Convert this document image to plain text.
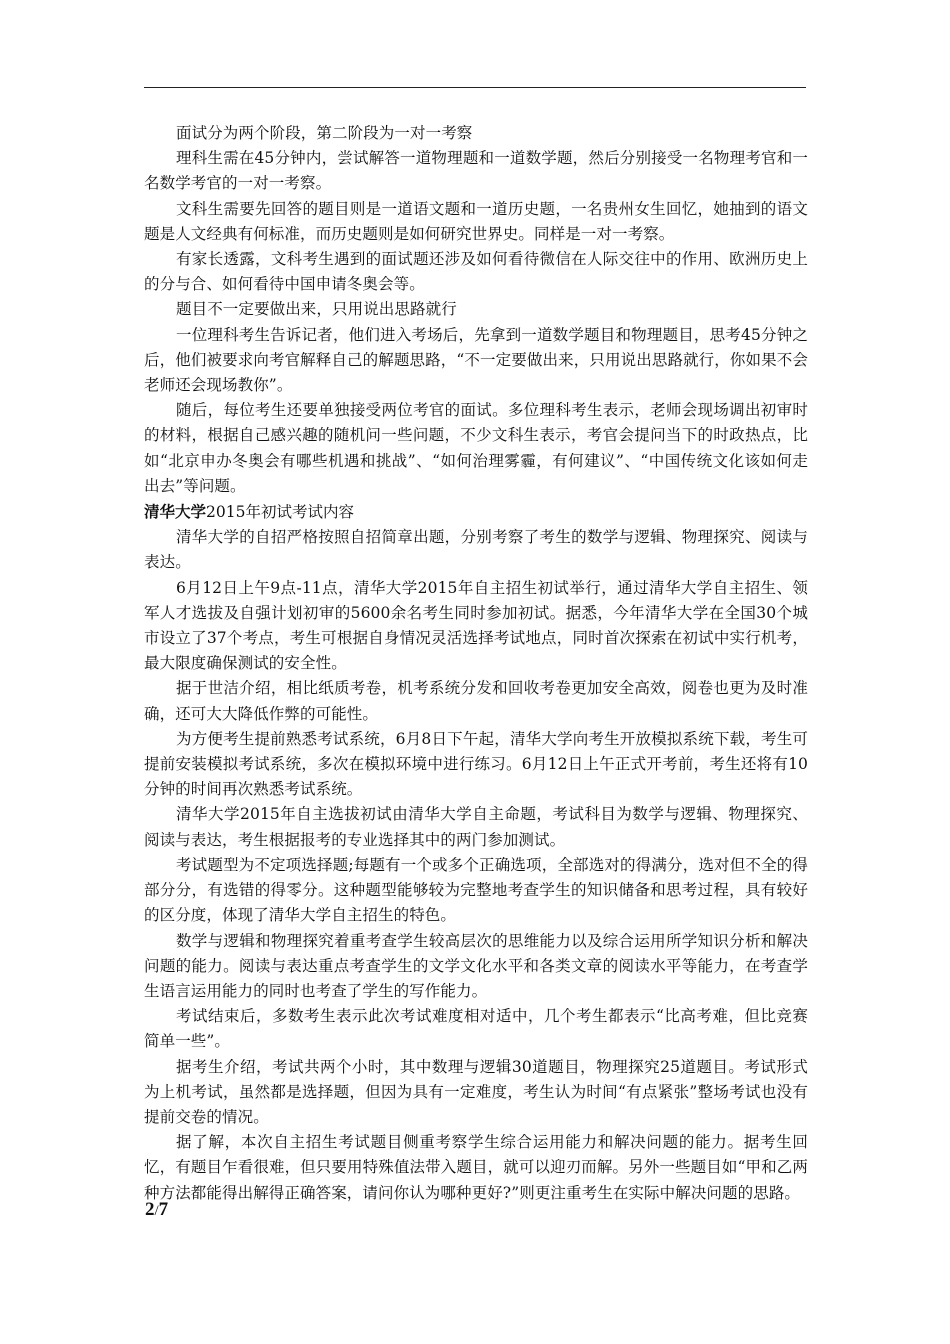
面试分为两个阶段，第二阶段为一对一考察

理科生需在45分钟内，尝试解答一道物理题和一道数学题，然后分别接受一名物理考官和一名数学考官的一对一考察。

文科生需要先回答的题目则是一道语文题和一道历史题，一名贵州女生回忆，她抽到的语文题是人文经典有何标准，而历史题则是如何研究世界史。同样是一对一考察。

有家长透露，文科考生遇到的面试题还涉及如何看待微信在人际交往中的作用、欧洲历史上的分与合、如何看待中国申请冬奥会等。

题目不一定要做出来，只用说出思路就行

一位理科考生告诉记者，他们进入考场后，先拿到一道数学题目和物理题目，思考45分钟之后，他们被要求向考官解释自己的解题思路，“不一定要做出来，只用说出思路就行，你如果不会老师还会现场教你”。

随后，每位考生还要单独接受两位考官的面试。多位理科考生表示，老师会现场调出初审时的材料，根据自己感兴趣的随机问一些问题，不少文科生表示，考官会提问当下的时政热点，比如“北京申办冬奥会有哪些机遇和挑战”、“如何治理雾霾，有何建议”、“中国传统文化该如何走出去”等问题。

清华大学2015年初试考试内容

清华大学的自招严格按照自招简章出题，分别考察了考生的数学与逻辑、物理探究、阅读与表达。

6月12日上午9点-11点，清华大学2015年自主招生初试举行，通过清华大学自主招生、领军人才选拔及自强计划初审的5600余名考生同时参加初试。据悉，今年清华大学在全国30个城市设立了37个考点，考生可根据自身情况灵活选择考试地点，同时首次探索在初试中实行机考，最大限度确保测试的安全性。

据于世洁介绍，相比纸质考卷，机考系统分发和回收考卷更加安全高效，阅卷也更为及时准确，还可大大降低作弊的可能性。

为方便考生提前熟悉考试系统，6月8日下午起，清华大学向考生开放模拟系统下载，考生可提前安装模拟考试系统，多次在模拟环境中进行练习。6月12日上午正式开考前，考生还将有10分钟的时间再次熟悉考试系统。

清华大学2015年自主选拔初试由清华大学自主命题，考试科目为数学与逻辑、物理探究、阅读与表达，考生根据报考的专业选择其中的两门参加测试。

考试题型为不定项选择题;每题有一个或多个正确选项，全部选对的得满分，选对但不全的得部分分，有选错的得零分。这种题型能够较为完整地考查学生的知识储备和思考过程，具有较好的区分度，体现了清华大学自主招生的特色。

数学与逻辑和物理探究着重考查学生较高层次的思维能力以及综合运用所学知识分析和解决问题的能力。阅读与表达重点考查学生的文学文化水平和各类文章的阅读水平等能力，在考查学生语言运用能力的同时也考查了学生的写作能力。

考试结束后，多数考生表示此次考试难度相对适中，几个考生都表示“比高考难，但比竞赛简单一些”。

据考生介绍，考试共两个小时，其中数理与逻辑30道题目，物理探究25道题目。考试形式为上机考试，虽然都是选择题，但因为具有一定难度，考生认为时间“有点紧张”整场考试也没有提前交卷的情况。

据了解，本次自主招生考试题目侧重考察学生综合运用能力和解决问题的能力。据考生回忆，有题目乍看很难，但只要用特殊值法带入题目，就可以迎刃而解。另外一些题目如“甲和乙两种方法都能得出解得正确答案，请问你认为哪种更好?”则更注重考生在实际中解决问题的思路。

2/7
